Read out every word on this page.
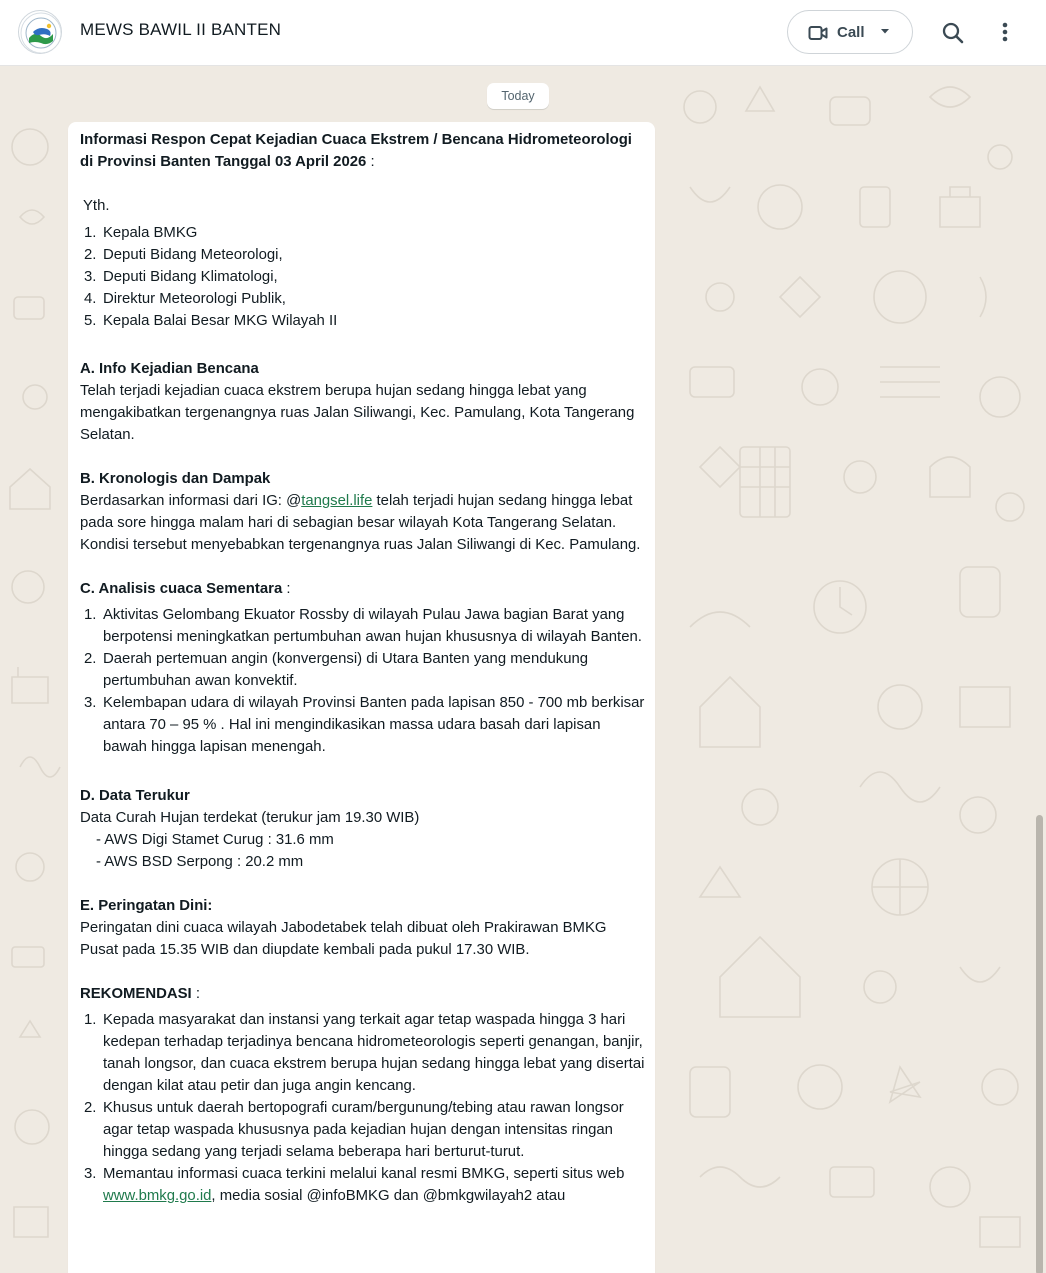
MEWS BAWIL II BANTEN	Call
Today
Informasi Respon Cepat Kejadian Cuaca Ekstrem / Bencana Hidrometeorologi di Provinsi Banten Tanggal 03 April 2026 :
Yth.
1. Kepala BMKG
2. Deputi Bidang Meteorologi,
3. Deputi Bidang Klimatologi,
4. Direktur Meteorologi Publik,
5. Kepala Balai Besar MKG Wilayah II
A. Info Kejadian Bencana
Telah terjadi kejadian cuaca ekstrem berupa hujan sedang hingga lebat yang mengakibatkan tergenangnya ruas Jalan Siliwangi, Kec. Pamulang, Kota Tangerang Selatan.
B. Kronologis dan Dampak
Berdasarkan informasi dari IG: @tangsel.life telah terjadi hujan sedang hingga lebat pada sore hingga malam hari di sebagian besar wilayah Kota Tangerang Selatan. Kondisi tersebut menyebabkan tergenangnya ruas Jalan Siliwangi di Kec. Pamulang.
C. Analisis cuaca Sementara :
1. Aktivitas Gelombang Ekuator Rossby di wilayah Pulau Jawa bagian Barat yang berpotensi meningkatkan pertumbuhan awan hujan khususnya di wilayah Banten.
2. Daerah pertemuan angin (konvergensi) di Utara Banten yang mendukung pertumbuhan awan konvektif.
3. Kelembapan udara di wilayah Provinsi Banten pada lapisan 850 - 700 mb berkisar antara 70 – 95 % . Hal ini mengindikasikan massa udara basah dari lapisan bawah hingga lapisan menengah.
D. Data Terukur
Data Curah Hujan terdekat (terukur jam 19.30 WIB)
- AWS Digi Stamet Curug : 31.6 mm
- AWS BSD Serpong : 20.2 mm
E. Peringatan Dini:
Peringatan dini cuaca wilayah Jabodetabek telah dibuat oleh Prakirawan BMKG Pusat pada 15.35 WIB dan diupdate kembali pada pukul 17.30 WIB.
REKOMENDASI :
1. Kepada masyarakat dan instansi yang terkait agar tetap waspada hingga 3 hari kedepan terhadap terjadinya bencana hidrometeorologis seperti genangan, banjir, tanah longsor, dan cuaca ekstrem berupa hujan sedang hingga lebat yang disertai dengan kilat atau petir dan juga angin kencang.
2. Khusus untuk daerah bertopografi curam/bergunung/tebing atau rawan longsor agar tetap waspada khususnya pada kejadian hujan dengan intensitas ringan hingga sedang yang terjadi selama beberapa hari berturut-turut.
3. Memantau informasi cuaca terkini melalui kanal resmi BMKG, seperti situs web www.bmkg.go.id, media sosial @infoBMKG dan @bmkgwilayah2 atau
